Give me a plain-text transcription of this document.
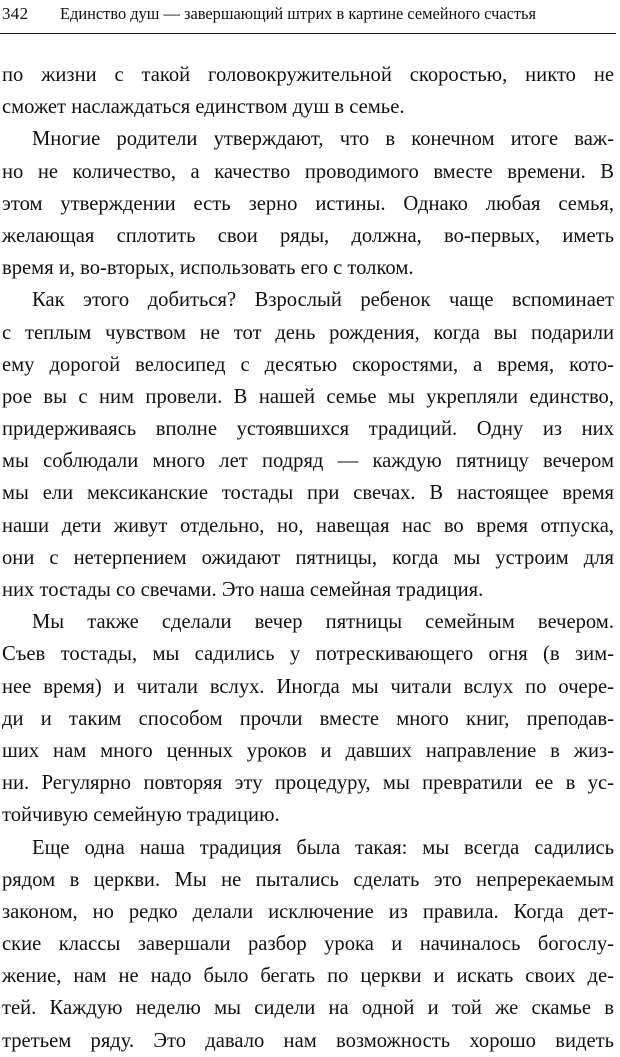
342 Единство душ — завершающий штрих в картине семейного счастья
по жизни с такой головокружительной скоростью, никто не
сможет наслаждаться единством душ в семье.
Многие родители утверждают, что в конечном итоге важ-
но не количество, а качество проводимого вместе времени. В
этом утверждении есть зерно истины. Однако любая семья,
желающая сплотить свои ряды, должна, во-первых, иметь
время и, во-вторых, использовать его с толком.
Как этого добиться? Взрослый ребенок чаще вспоминает
с теплым чувством не тот день рождения, когда вы подарили
ему дорогой велосипед с десятью скоростями, а время, кото-
рое вы с ним провели. В нашей семье мы укрепляли единство,
придерживаясь вполне устоявшихся традиций. Одну из них
мы соблюдали много лет подряд — каждую пятницу вечером
мы ели мексиканские тостады при свечах. В настоящее время
наши дети живут отдельно, но, навещая нас во время отпуска,
они с нетерпением ожидают пятницы, когда мы устроим для
них тостады со свечами. Это наша семейная традиция.
Мы также сделали вечер пятницы семейным вечером.
Съев тостады, мы садились у потрескивающего огня (в зим-
нее время) и читали вслух. Иногда мы читали вслух по очере-
ди и таким способом прочли вместе много книг, преподав-
ших нам много ценных уроков и давших направление в жиз-
ни. Регулярно повторяя эту процедуру, мы превратили ее в ус-
тойчивую семейную традицию.
Еще одна наша традиция была такая: мы всегда садились
рядом в церкви. Мы не пытались сделать это непререкаемым
законом, но редко делали исключение из правила. Когда дет-
ские классы завершали разбор урока и начиналось богослу-
жение, нам не надо было бегать по церкви и искать своих де-
тей. Каждую неделю мы сидели на одной и той же скамье в
третьем ряду. Это давало нам возможность хорошо видеть
